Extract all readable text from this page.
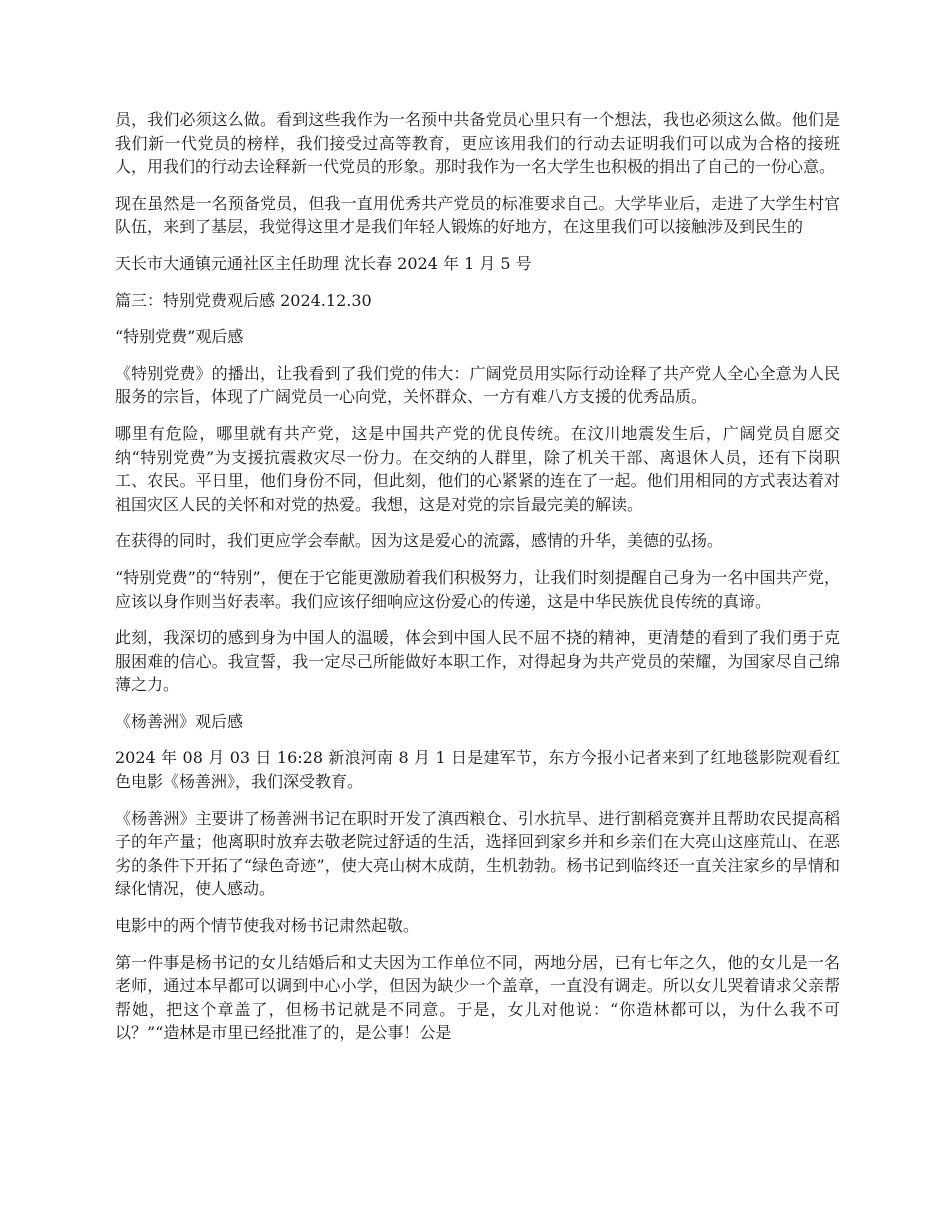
员，我们必须这么做。看到这些我作为一名预中共备党员心里只有一个想法，我也必须这么做。他们是我们新一代党员的榜样，我们接受过高等教育，更应该用我们的行动去证明我们可以成为合格的接班人，用我们的行动去诠释新一代党员的形象。那时我作为一名大学生也积极的捐出了自己的一份心意。

现在虽然是一名预备党员，但我一直用优秀共产党员的标准要求自己。大学毕业后，走进了大学生村官队伍，来到了基层，我觉得这里才是我们年轻人锻炼的好地方，在这里我们可以接触涉及到民生的

天长市大通镇元通社区主任助理 沈长春 2024 年 1 月 5 号

篇三：特别党费观后感 2024.12.30

“特别党费”观后感

《特别党费》的播出，让我看到了我们党的伟大：广阔党员用实际行动诠释了共产党人全心全意为人民服务的宗旨，体现了广阔党员一心向党，关怀群众、一方有难八方支援的优秀品质。

哪里有危险，哪里就有共产党，这是中国共产党的优良传统。在汶川地震发生后，广阔党员自愿交纳“特别党费”为支援抗震救灾尽一份力。在交纳的人群里，除了机关干部、离退休人员，还有下岗职工、农民。平日里，他们身份不同，但此刻，他们的心紧紧的连在了一起。他们用相同的方式表达着对祖国灾区人民的关怀和对党的热爱。我想，这是对党的宗旨最完美的解读。

在获得的同时，我们更应学会奉献。因为这是爱心的流露，感情的升华，美德的弘扬。

“特别党费”的“特别”，便在于它能更激励着我们积极努力，让我们时刻提醒自己身为一名中国共产党，应该以身作则当好表率。我们应该仔细响应这份爱心的传递，这是中华民族优良传统的真谛。

此刻，我深切的感到身为中国人的温暖，体会到中国人民不屈不挠的精神，更清楚的看到了我们勇于克服困难的信心。我宣誓，我一定尽己所能做好本职工作，对得起身为共产党员的荣耀，为国家尽自己绵薄之力。

《杨善洲》观后感

2024 年 08 月 03 日 16:28 新浪河南 8 月 1 日是建军节，东方今报小记者来到了红地毯影院观看红色电影《杨善洲》，我们深受教育。

《杨善洲》主要讲了杨善洲书记在职时开发了滇西粮仓、引水抗旱、进行割稻竞赛并且帮助农民提高稻子的年产量；他离职时放弃去敬老院过舒适的生活，选择回到家乡并和乡亲们在大亮山这座荒山、在恶劣的条件下开拓了“绿色奇迹”，使大亮山树木成荫，生机勃勃。杨书记到临终还一直关注家乡的旱情和绿化情况，使人感动。

电影中的两个情节使我对杨书记肃然起敬。

第一件事是杨书记的女儿结婚后和丈夫因为工作单位不同，两地分居，已有七年之久，他的女儿是一名老师，通过本早都可以调到中心小学，但因为缺少一个盖章，一直没有调走。所以女儿哭着请求父亲帮帮她，把这个章盖了，但杨书记就是不同意。于是，女儿对他说：“你造林都可以，为什么我不可以？”“造林是市里已经批准了的，是公事！公是
